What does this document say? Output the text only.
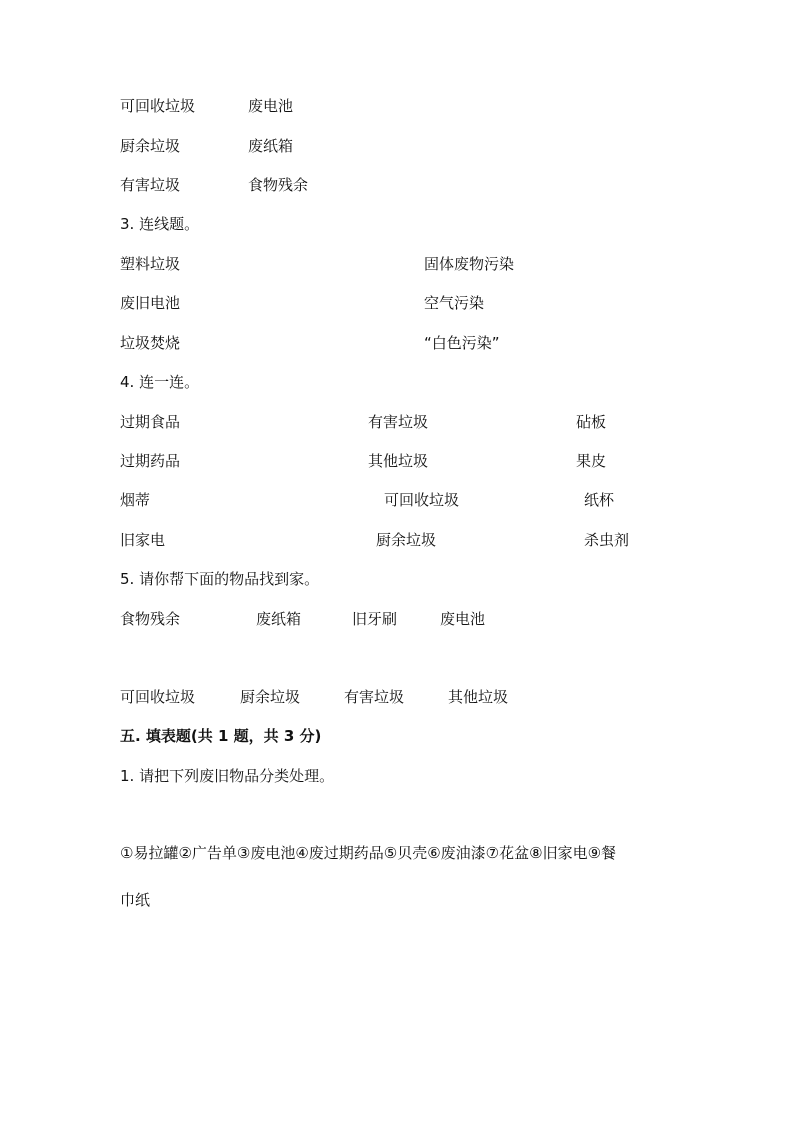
可回收垃圾	废电池
厨余垃圾	废纸箱
有害垃圾	食物残余
3. 连线题。
塑料垃圾	固体废物污染
废旧电池	空气污染
垃圾焚烧	“白色污染”
4. 连一连。
过期食品	有害垃圾	砧板
过期药品	其他垃圾	果皮
烟蒂	可回收垃圾	纸杯
旧家电	厨余垃圾	杀虫剂
5. 请你帮下面的物品找到家。
食物残余	废纸箱	旧牙刷	废电池
可回收垃圾	厨余垃圾	有害垃圾	其他垃圾
五. 填表题(共 1 题，共 3 分)
1. 请把下列废旧物品分类处理。
①易拉罐②广告单③废电池④废过期药品⑤贝壳⑥废油漆⑦花盆⑧旧家电⑨餐
巾纸
